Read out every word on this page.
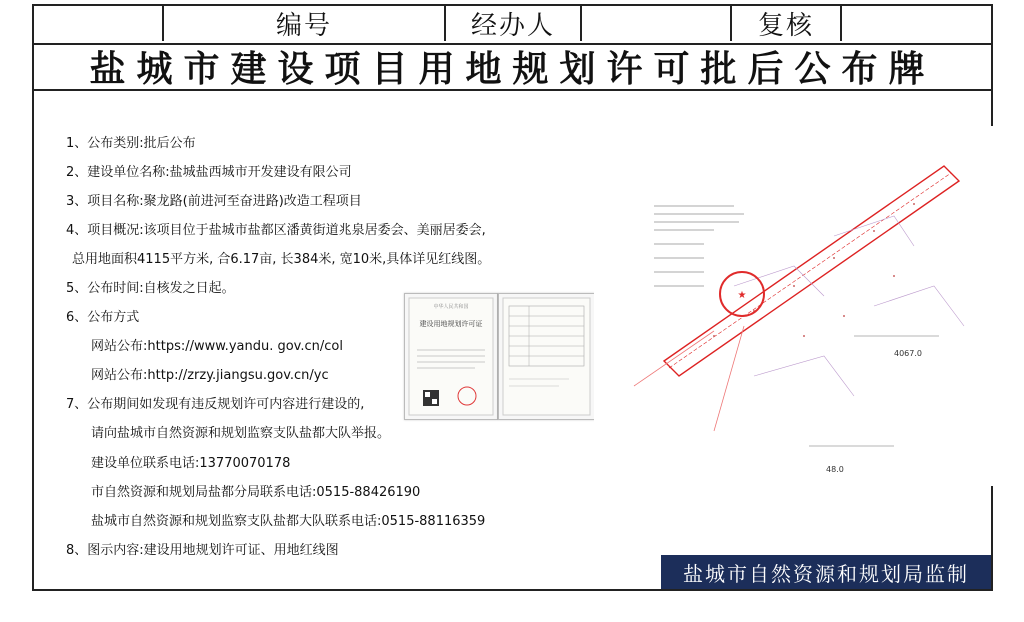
编号	经办人	复核
盐城市建设项目用地规划许可批后公布牌
1、公布类别:批后公布
2、建设单位名称:盐城盐西城市开发建设有限公司
3、项目名称:聚龙路(前进河至奋进路)改造工程项目
4、项目概况:该项目位于盐城市盐都区潘黄街道兆泉居委会、美丽居委会,
总用地面积4115平方米, 合6.17亩, 长384米, 宽10米,具体详见红线图。
5、公布时间:自核发之日起。
6、公布方式
网站公布:https://www.yandu. gov.cn/col
网站公布:http://zrzy.jiangsu.gov.cn/yc
7、公布期间如发现有违反规划许可内容进行建设的,
请向盐城市自然资源和规划监察支队盐都大队举报。
建设单位联系电话:13770070178
市自然资源和规划局盐都分局联系电话:0515-88426190
盐城市自然资源和规划监察支队盐都大队联系电话:0515-88116359
8、图示内容:建设用地规划许可证、用地红线图
中华人民共和国
建设用地规划许可证
★
4067.0
48.0
盐城市自然资源和规划局监制
